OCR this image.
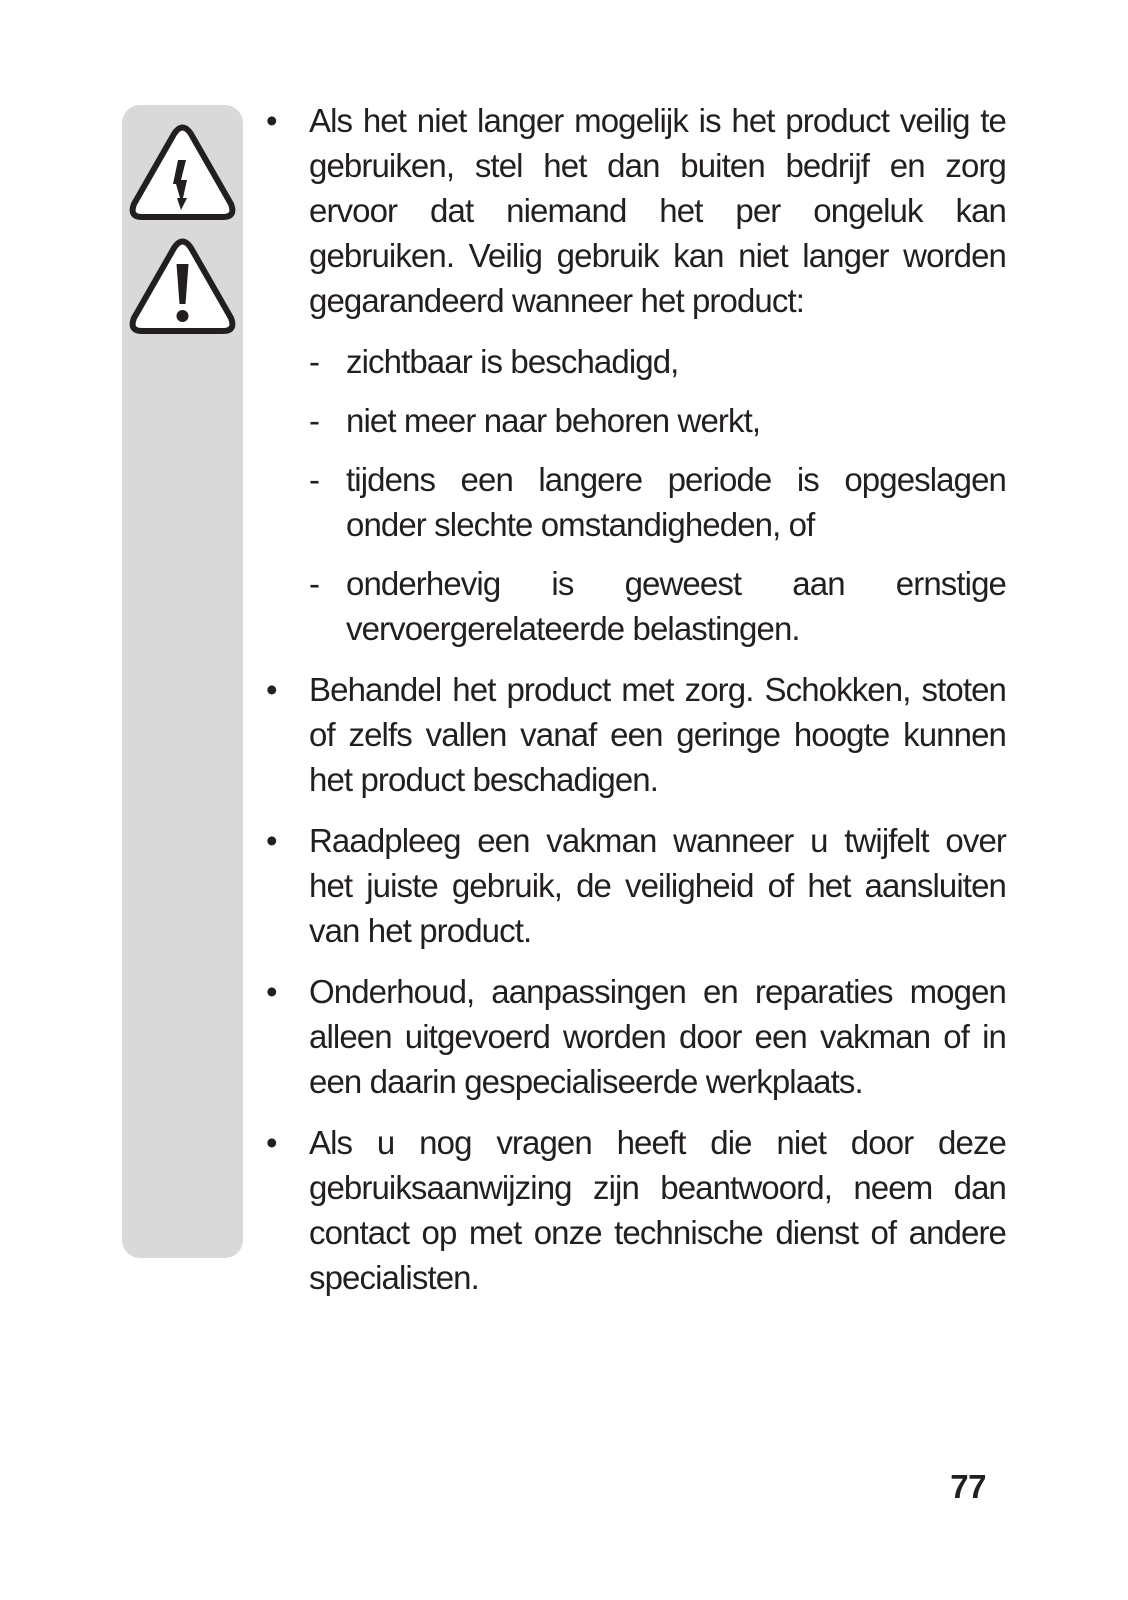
• Als het niet langer mogelijk is het product veilig te gebruiken, stel het dan buiten bedrijf en zorg ervoor dat niemand het per ongeluk kan gebruiken. Veilig gebruik kan niet langer worden gegarandeerd wanneer het product:
- zichtbaar is beschadigd,
- niet meer naar behoren werkt,
- tijdens een langere periode is opgeslagen onder slechte omstandigheden, of
- onderhevig is geweest aan ernstige vervoergerelateerde belastingen.
• Behandel het product met zorg. Schokken, stoten of zelfs vallen vanaf een geringe hoogte kunnen het product beschadigen.
• Raadpleeg een vakman wanneer u twijfelt over het juiste gebruik, de veiligheid of het aansluiten van het product.
• Onderhoud, aanpassingen en reparaties mogen alleen uitgevoerd worden door een vakman of in een daarin gespecialiseerde werkplaats.
• Als u nog vragen heeft die niet door deze gebruiksaanwijzing zijn beantwoord, neem dan contact op met onze technische dienst of andere specialisten.
77
